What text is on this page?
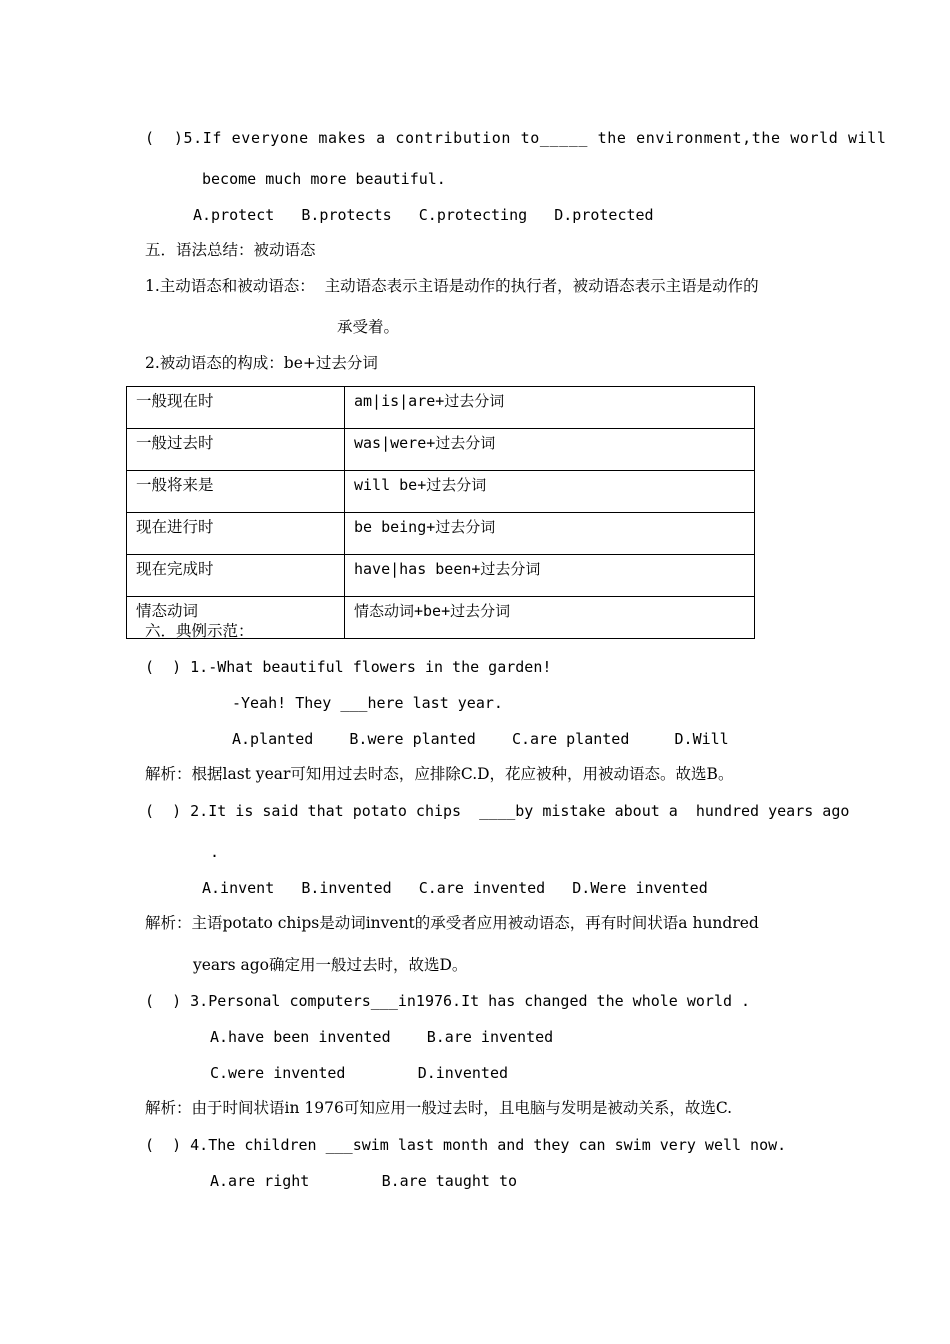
(  )5.If everyone makes a contribution to_____ the environment,the world will
become much more beautiful.
A.protect   B.protects   C.protecting   D.protected
五．语法总结：被动语态
1.主动语态和被动语态：  主动语态表示主语是动作的执行者，被动语态表示主语是动作的
承受着。
2.被动语态的构成：be+过去分词
一般现在时	am|is|are+过去分词
一般过去时	was|were+过去分词
一般将来是	will be+过去分词
现在进行时	be being+过去分词
现在完成时	have|has been+过去分词
情态动词	情态动词+be+过去分词
六．典例示范：
(  ) 1.-What beautiful flowers in the garden!
-Yeah! They ___here last year.
A.planted    B.were planted    C.are planted     D.Will
解析：根据last year可知用过去时态，应排除C.D，花应被种，用被动语态。故选B。
(  ) 2.It is said that potato chips  ____by mistake about a  hundred years ago
.
A.invent   B.invented   C.are invented   D.Were invented
解析：主语potato chips是动词invent的承受者应用被动语态，再有时间状语a hundred
years ago确定用一般过去时，故选D。
(  ) 3.Personal computers___in1976.It has changed the whole world .
A.have been invented    B.are invented
C.were invented        D.invented
解析：由于时间状语in 1976可知应用一般过去时，且电脑与发明是被动关系，故选C.
(  ) 4.The children ___swim last month and they can swim very well now.
A.are right        B.are taught to
